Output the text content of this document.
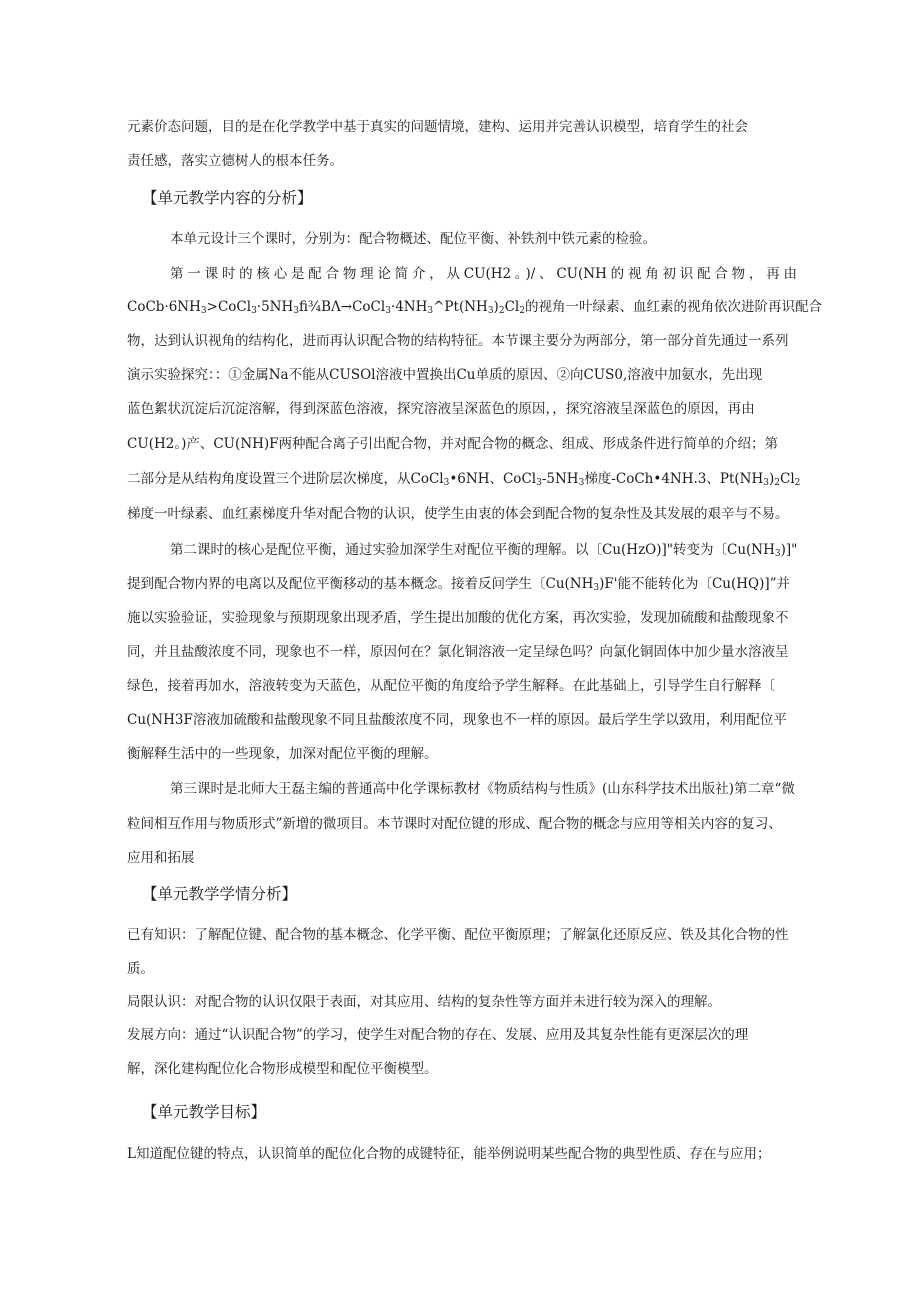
元素价态问题，目的是在化学教学中基于真实的问题情境，建构、运用并完善认识模型，培育学生的社会
责任感，落实立德树人的根本任务。
【单元教学内容的分析】
本单元设计三个课时，分别为：配合物概述、配位平衡、补铁剂中铁元素的检验。
第一课时的核心是配合物理论简介，从CU(H2。)/、CU(NH的视角初识配合物，再由
$CoCb\cdot 6NH_3>CoCl_3\cdot 5NH_3fi\frac{3}{4}B\Lambda\to CoCl_3\cdot 4NH_3\^{}Pt(NH_3)_2Cl_2$的视角一叶绿素、血红素的视角依次进阶再识配合
物，达到认识视角的结构化，进而再认识配合物的结构特征。本节课主要分为两部分，第一部分首先通过一系列
演示实验探究：：①金属Na不能从CUSOl溶液中置换出Cu单质的原因、②向CUS0,溶液中加氨水，先出现
蓝色絮状沉淀后沉淀溶解，得到深蓝色溶液，探究溶液呈深蓝色的原因，，探究溶液呈深蓝色的原因，再由
CU(H2。)产、CU(NH)F两种配合离子引出配合物，并对配合物的概念、组成、形成条件进行简单的介绍；第
二部分是从结构角度设置三个进阶层次梯度，从CoCl$_3$•6NH、$CoCl_3-5NH_3$梯度-CoCh•4NH.3、$Pt(NH_3)_2Cl_2$
梯度一叶绿素、血红素梯度升华对配合物的认识，使学生由衷的体会到配合物的复杂性及其发展的艰辛与不易。
第二课时的核心是配位平衡，通过实验加深学生对配位平衡的理解。以〔Cu(HzO)]"转变为〔$Cu(NH_3)$]"
提到配合物内界的电离以及配位平衡移动的基本概念。接着反问学生〔$Cu(NH_3)F'$能不能转化为〔Cu(HQ)]”并
施以实验验证，实验现象与预期现象出现矛盾，学生提出加酸的优化方案，再次实验，发现加硫酸和盐酸现象不
同，并且盐酸浓度不同，现象也不一样，原因何在？氯化铜溶液一定呈绿色吗？向氯化铜固体中加少量水溶液呈
绿色，接着再加水，溶液转变为天蓝色，从配位平衡的角度给予学生解释。在此基础上，引导学生自行解释〔
Cu(NH3F溶液加硫酸和盐酸现象不同且盐酸浓度不同，现象也不一样的原因。最后学生学以致用，利用配位平
衡解释生活中的一些现象，加深对配位平衡的理解。
第三课时是北师大王磊主编的普通高中化学课标教材《物质结构与性质》(山东科学技术出版社)第二章“微
粒间相互作用与物质形式”新增的微项目。本节课时对配位键的形成、配合物的概念与应用等相关内容的复习、
应用和拓展
【单元教学学情分析】
已有知识：了解配位键、配合物的基本概念、化学平衡、配位平衡原理；了解氯化还原反应、铁及其化合物的性
质。
局限认识：对配合物的认识仅限于表面，对其应用、结构的复杂性等方面并未进行较为深入的理解。
发展方向：通过“认识配合物”的学习，使学生对配合物的存在、发展、应用及其复杂性能有更深层次的理
解，深化建构配位化合物形成模型和配位平衡模型。
【单元教学目标】
L知道配位键的特点，认识简单的配位化合物的成键特征，能举例说明某些配合物的典型性质、存在与应用；
